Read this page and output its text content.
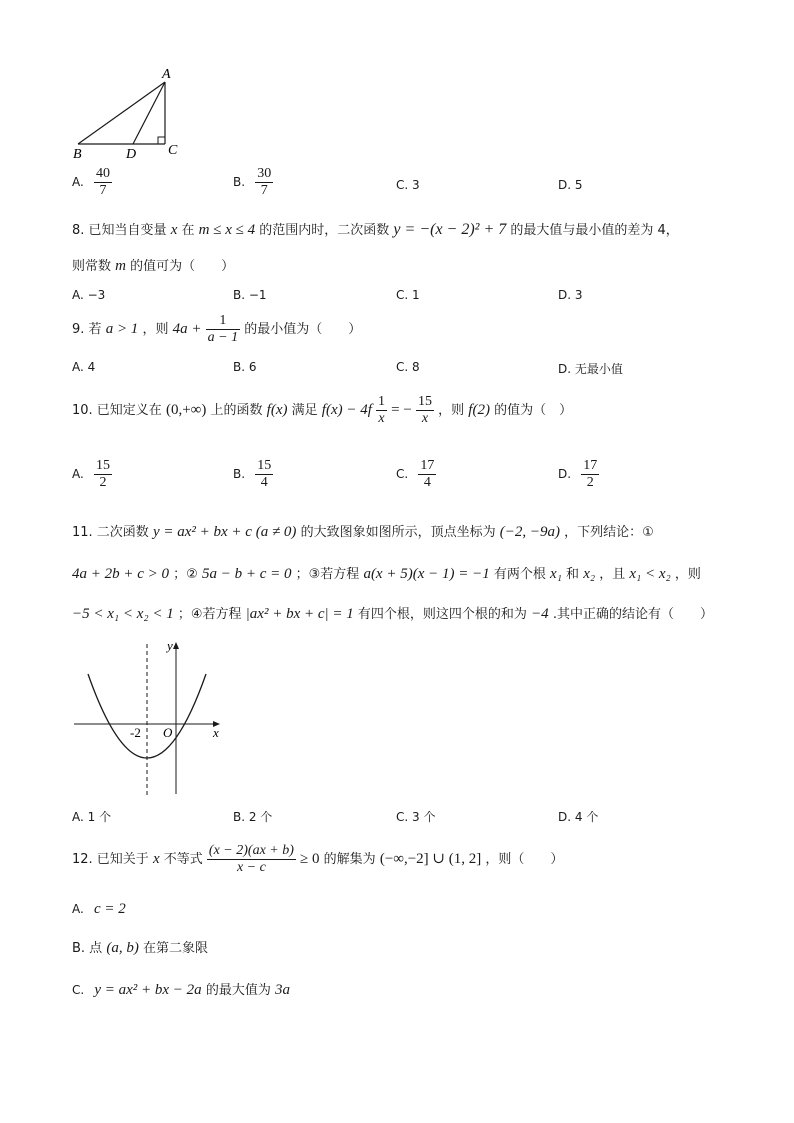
A
B	D C
A. $\frac{40}{7}$	B. $\frac{30}{7}$	C. 3	D. 5
8. 已知当自变量 x 在 m ≤ x ≤ 4 的范围内时，二次函数 y = −(x − 2)² + 7 的最大值与最小值的差为 4，
则常数 m 的值可为（　　）
A. −3	B. −1	C. 1	D. 3
9. 若 a > 1 ，则 $4a + \frac{1}{a - 1}$ 的最小值为（　　）
A. 4	B. 6	C. 8	D. 无最小值
10. 已知定义在 (0,+∞) 上的函数 f(x) 满足 $f(x) - 4f \frac{1}{x}$ = − $\frac{15}{x}$ ，则 f(2) 的值为（　）
A. $\frac{15}{2}$	B. $\frac{15}{4}$	C. $\frac{17}{4}$	D. $\frac{17}{2}$
11. 二次函数 y = ax² + bx + c (a ≠ 0) 的大致图象如图所示，顶点坐标为 (−2, −9a) ，下列结论：①
4a + 2b + c > 0 ；② 5a − b + c = 0 ；③若方程 a(x + 5)(x − 1) = −1 有两个根 x₁ 和 x₂ ，且 x₁ < x₂ ，则
−5 < x₁ < x₂ < 1 ；④若方程 |ax² + bx + c| = 1 有四个根，则这四个根的和为 −4 .其中正确的结论有（　　）
y
x
-2 O
A. 1 个	B. 2 个	C. 3 个	D. 4 个
12. 已知关于 x 不等式 $\frac{(x - 2)(ax + b)}{x - c} \ge 0$ 的解集为 (−∞,−2] ∪ (1, 2] ，则（　　）
A. c = 2
B. 点 (a, b) 在第二象限
C. y = ax² + bx − 2a 的最大值为 3a
